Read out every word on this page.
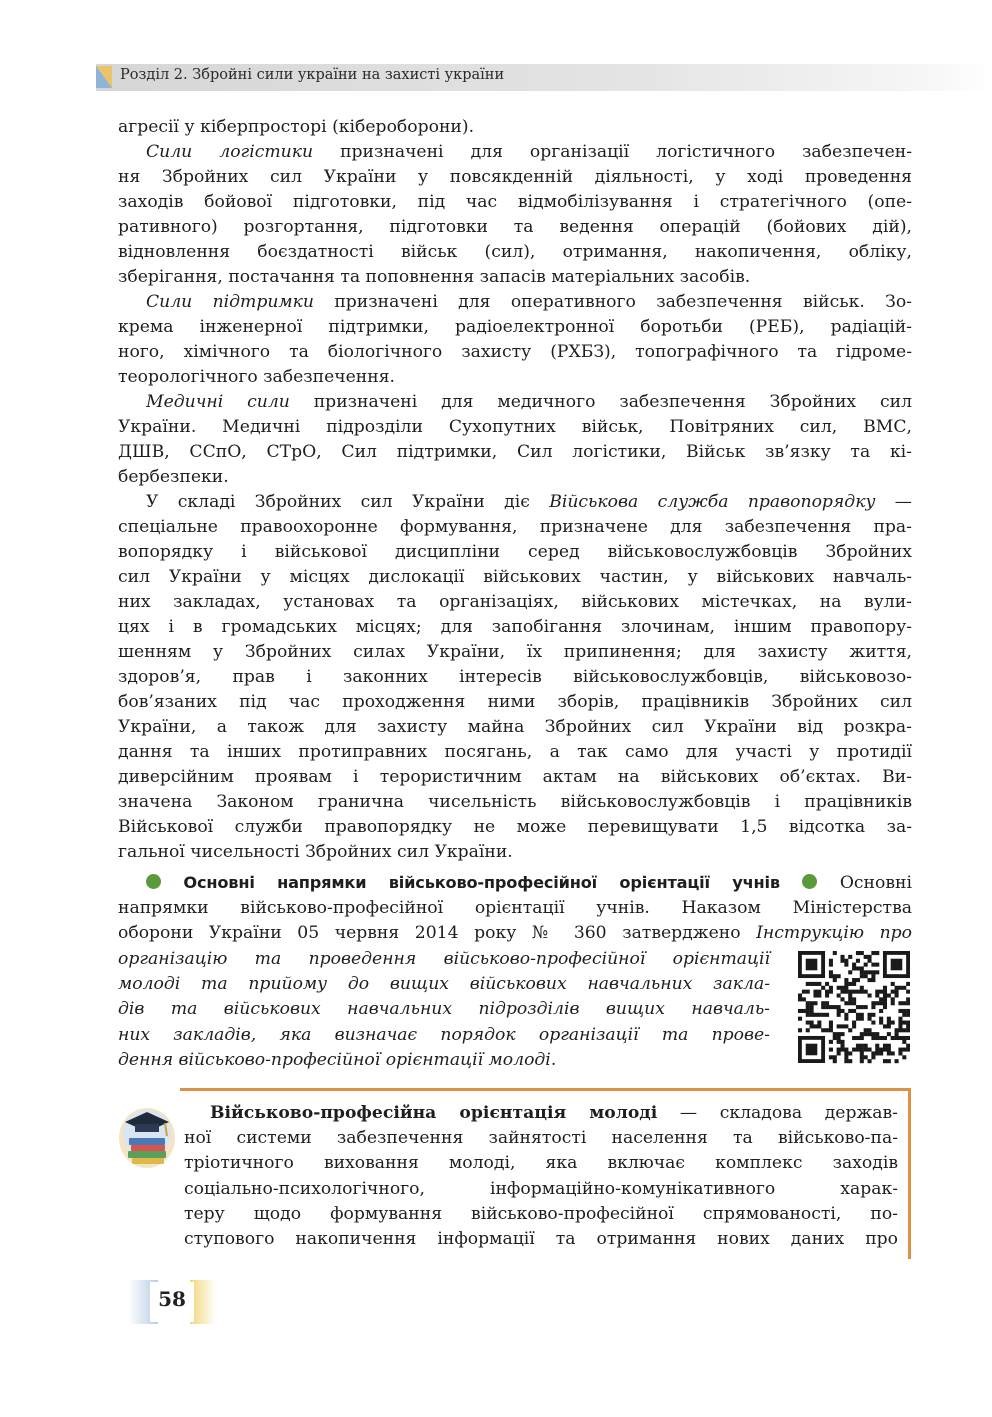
Розділ 2. Збройні сили україни на захисті україни
агресії у кіберпросторі (кібероборони).
Сили логістики призначені для організації логістичного забезпечен-
ня Збройних сил України у повсякденній діяльності, у ході проведення
заходів бойової підготовки, під час відмобілізування і стратегічного (опе-
ративного) розгортання, підготовки та ведення операцій (бойових дій),
відновлення боєздатності військ (сил), отримання, накопичення, обліку,
зберігання, постачання та поповнення запасів матеріальних засобів.
Сили підтримки призначені для оперативного забезпечення військ. Зо-
крема інженерної підтримки, радіоелектронної боротьби (РЕБ), радіацій-
ного, хімічного та біологічного захисту (РХБЗ), топографічного та гідроме-
теорологічного забезпечення.
Медичні сили призначені для медичного забезпечення Збройних сил
України. Медичні підрозділи Сухопутних військ, Повітряних сил, ВМС,
ДШВ, ССпО, СТрО, Сил підтримки, Сил логістики, Військ зв’язку та кі-
бербезпеки.
У складі Збройних сил України діє Військова служба правопорядку —
спеціальне правоохоронне формування, призначене для забезпечення пра-
вопорядку і військової дисципліни серед військовослужбовців Збройних
сил України у місцях дислокації військових частин, у військових навчаль-
них закладах, установах та організаціях, військових містечках, на вули-
цях і в громадських місцях; для запобігання злочинам, іншим правопору-
шенням у Збройних силах України, їх припинення; для захисту життя,
здоров’я, прав і законних інтересів військовослужбовців, військовозо-
бов’язаних під час проходження ними зборів, працівників Збройних сил
України, а також для захисту майна Збройних сил України від розкра-
дання та інших протиправних посягань, а так само для участі у протидії
диверсійним проявам і терористичним актам на військових об’єктах. Ви-
значена Законом гранична чисельність військовослужбовців і працівників
Військової служби правопорядку не може перевищувати 1,5 відсотка за-
гальної чисельності Збройних сил України.
Основні напрямки військово-професійної орієнтації учнів  Основні
напрямки військово-професійної орієнтації учнів. Наказом Міністерства
оборони України 05 червня 2014 року № 360 затверджено Інструкцію про
організацію та проведення військово-професійної орієнтації
молоді та прийому до вищих військових навчальних закла-
дів та військових навчальних підрозділів вищих навчаль-
них закладів, яка визначає порядок організації та прове-
дення військово-професійної орієнтації молоді.
Військово-професійна орієнтація молоді — складова держав-
ної системи забезпечення зайнятості населення та військово-па-
тріотичного виховання молоді, яка включає комплекс заходів
соціально-психологічного, інформаційно-комунікативного харак-
теру щодо формування військово-професійної спрямованості, по-
ступового накопичення інформації та отримання нових даних про
58
